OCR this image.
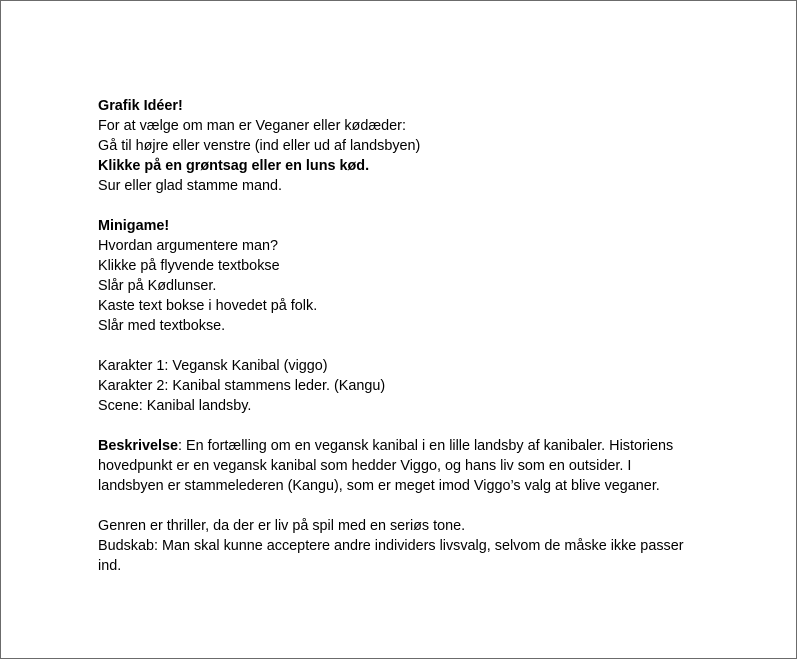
Grafik Idéer!
For at vælge om man er Veganer eller kødæder:
Gå til højre eller venstre (ind eller ud af landsbyen)
Klikke på en grøntsag eller en luns kød.
Sur eller glad stamme mand.
Minigame!
Hvordan argumentere man?
Klikke på flyvende textbokse
Slår på Kødlunser.
Kaste text bokse i hovedet på folk.
Slår med textbokse.
Karakter 1: Vegansk Kanibal (viggo)
Karakter 2: Kanibal stammens leder. (Kangu)
Scene: Kanibal landsby.
Beskrivelse: En fortælling om en vegansk kanibal i en lille landsby af kanibaler. Historiens
hovedpunkt er en vegansk kanibal som hedder Viggo, og hans liv som en outsider. I
landsbyen er stammelederen (Kangu), som er meget imod Viggo’s valg at blive veganer.
Genren er thriller, da der er liv på spil med en seriøs tone.
Budskab: Man skal kunne acceptere andre individers livsvalg, selvom de måske ikke passer
ind.
